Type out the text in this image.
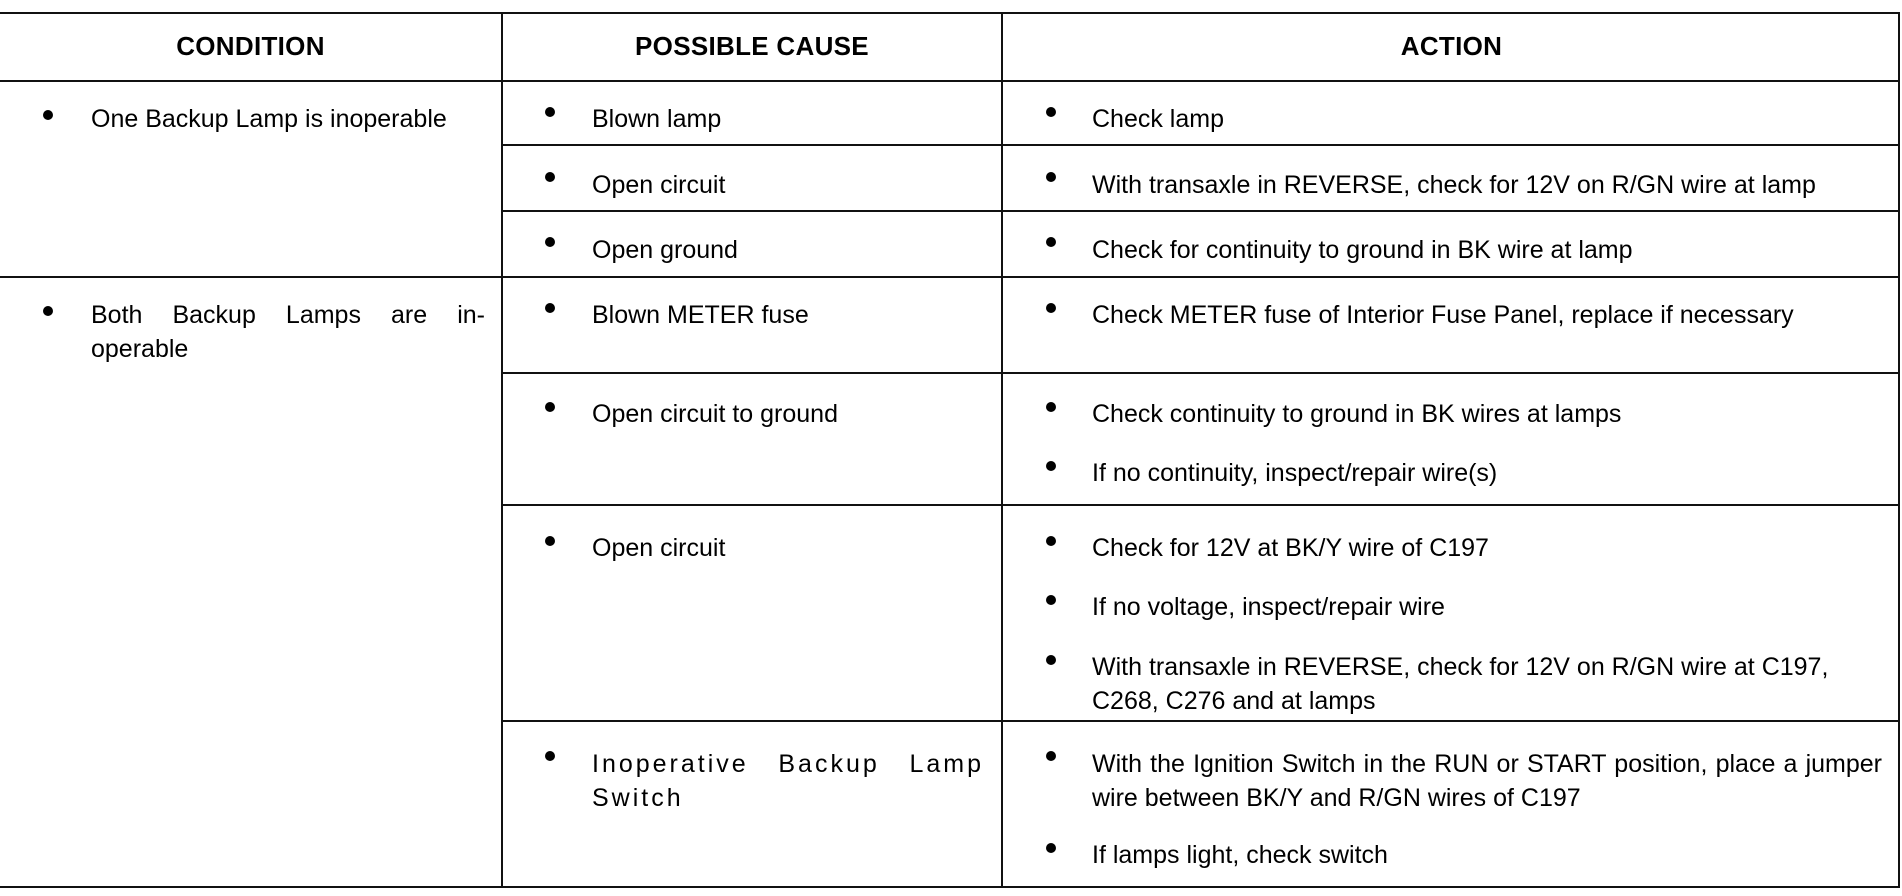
CONDITION	POSSIBLE CAUSE	ACTION
One Backup Lamp is inoperable
Both Backup Lamps are in-operable
Blown lamp
Open circuit
Open ground
Blown METER fuse
Open circuit to ground
Open circuit
Inoperative Backup Lamp Switch
Check lamp
With transaxle in REVERSE, check for 12V on R/GN wire at lamp
Check for continuity to ground in BK wire at lamp
Check METER fuse of Interior Fuse Panel, replace if necessary
Check continuity to ground in BK wires at lamps
If no continuity, inspect/repair wire(s)
Check for 12V at BK/Y wire of C197
If no voltage, inspect/repair wire
With transaxle in REVERSE, check for 12V on R/GN wire at C197, C268, C276 and at lamps
With the Ignition Switch in the RUN or START position, place a jumper wire between BK/Y and R/GN wires of C197
If lamps light, check switch
